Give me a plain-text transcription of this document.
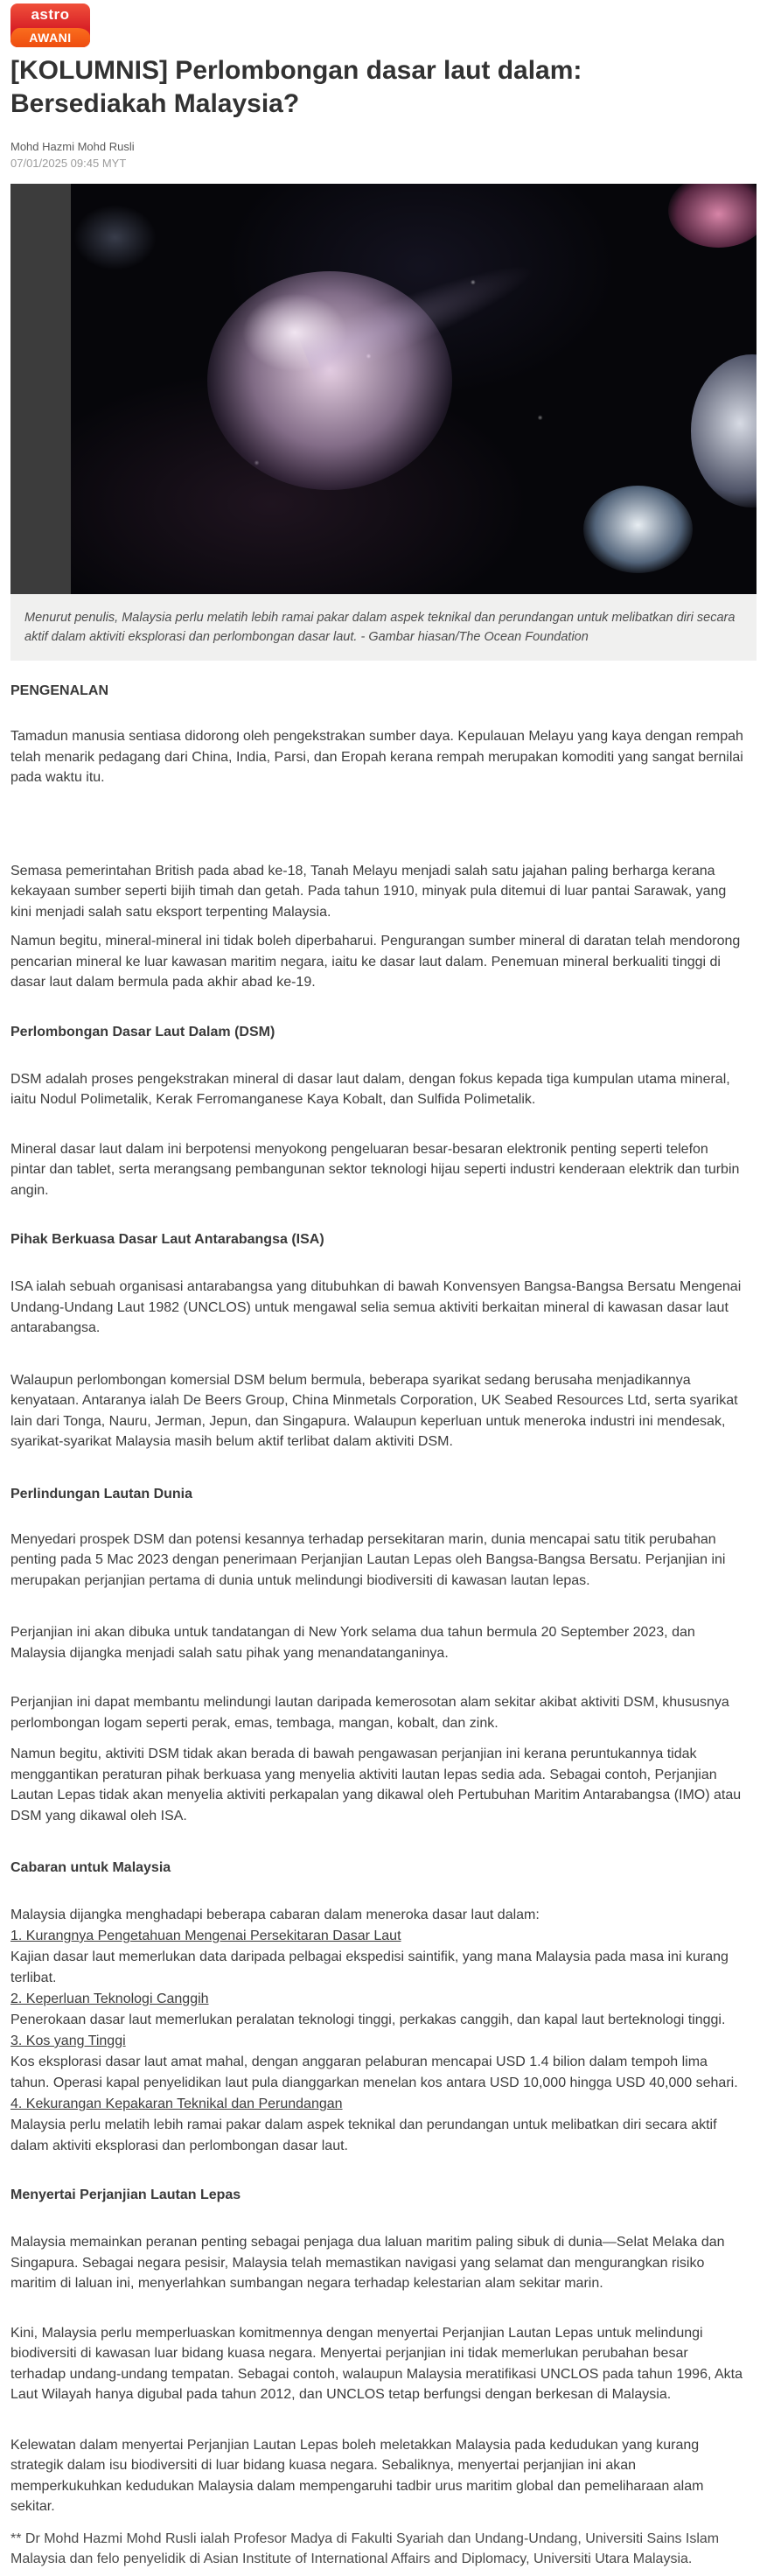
astro
AWANI
[KOLUMNIS] Perlombongan dasar laut dalam: Bersediakah Malaysia?
Mohd Hazmi Mohd Rusli
07/01/2025 09:45 MYT

Menurut penulis, Malaysia perlu melatih lebih ramai pakar dalam aspek teknikal dan perundangan untuk melibatkan diri secara aktif dalam aktiviti eksplorasi dan perlombongan dasar laut. - Gambar hiasan/The Ocean Foundation

PENGENALAN

Tamadun manusia sentiasa didorong oleh pengekstrakan sumber daya. Kepulauan Melayu yang kaya dengan rempah telah menarik pedagang dari China, India, Parsi, dan Eropah kerana rempah merupakan komoditi yang sangat bernilai pada waktu itu.

Semasa pemerintahan British pada abad ke-18, Tanah Melayu menjadi salah satu jajahan paling berharga kerana kekayaan sumber seperti bijih timah dan getah. Pada tahun 1910, minyak pula ditemui di luar pantai Sarawak, yang kini menjadi salah satu eksport terpenting Malaysia.

Namun begitu, mineral-mineral ini tidak boleh diperbaharui. Pengurangan sumber mineral di daratan telah mendorong pencarian mineral ke luar kawasan maritim negara, iaitu ke dasar laut dalam. Penemuan mineral berkualiti tinggi di dasar laut dalam bermula pada akhir abad ke-19.

Perlombongan Dasar Laut Dalam (DSM)

DSM adalah proses pengekstrakan mineral di dasar laut dalam, dengan fokus kepada tiga kumpulan utama mineral, iaitu Nodul Polimetalik, Kerak Ferromanganese Kaya Kobalt, dan Sulfida Polimetalik.

Mineral dasar laut dalam ini berpotensi menyokong pengeluaran besar-besaran elektronik penting seperti telefon pintar dan tablet, serta merangsang pembangunan sektor teknologi hijau seperti industri kenderaan elektrik dan turbin angin.

Pihak Berkuasa Dasar Laut Antarabangsa (ISA)

ISA ialah sebuah organisasi antarabangsa yang ditubuhkan di bawah Konvensyen Bangsa-Bangsa Bersatu Mengenai Undang-Undang Laut 1982 (UNCLOS) untuk mengawal selia semua aktiviti berkaitan mineral di kawasan dasar laut antarabangsa.

Walaupun perlombongan komersial DSM belum bermula, beberapa syarikat sedang berusaha menjadikannya kenyataan. Antaranya ialah De Beers Group, China Minmetals Corporation, UK Seabed Resources Ltd, serta syarikat lain dari Tonga, Nauru, Jerman, Jepun, dan Singapura. Walaupun keperluan untuk meneroka industri ini mendesak, syarikat-syarikat Malaysia masih belum aktif terlibat dalam aktiviti DSM.

Perlindungan Lautan Dunia

Menyedari prospek DSM dan potensi kesannya terhadap persekitaran marin, dunia mencapai satu titik perubahan penting pada 5 Mac 2023 dengan penerimaan Perjanjian Lautan Lepas oleh Bangsa-Bangsa Bersatu. Perjanjian ini merupakan perjanjian pertama di dunia untuk melindungi biodiversiti di kawasan lautan lepas.

Perjanjian ini akan dibuka untuk tandatangan di New York selama dua tahun bermula 20 September 2023, dan Malaysia dijangka menjadi salah satu pihak yang menandatanganinya.

Perjanjian ini dapat membantu melindungi lautan daripada kemerosotan alam sekitar akibat aktiviti DSM, khususnya perlombongan logam seperti perak, emas, tembaga, mangan, kobalt, dan zink.

Namun begitu, aktiviti DSM tidak akan berada di bawah pengawasan perjanjian ini kerana peruntukannya tidak menggantikan peraturan pihak berkuasa yang menyelia aktiviti lautan lepas sedia ada. Sebagai contoh, Perjanjian Lautan Lepas tidak akan menyelia aktiviti perkapalan yang dikawal oleh Pertubuhan Maritim Antarabangsa (IMO) atau DSM yang dikawal oleh ISA.

Cabaran untuk Malaysia

Malaysia dijangka menghadapi beberapa cabaran dalam meneroka dasar laut dalam:

1. Kurangnya Pengetahuan Mengenai Persekitaran Dasar Laut

Kajian dasar laut memerlukan data daripada pelbagai ekspedisi saintifik, yang mana Malaysia pada masa ini kurang terlibat.

2. Keperluan Teknologi Canggih

Penerokaan dasar laut memerlukan peralatan teknologi tinggi, perkakas canggih, dan kapal laut berteknologi tinggi.

3. Kos yang Tinggi

Kos eksplorasi dasar laut amat mahal, dengan anggaran pelaburan mencapai USD 1.4 bilion dalam tempoh lima tahun. Operasi kapal penyelidikan laut pula dianggarkan menelan kos antara USD 10,000 hingga USD 40,000 sehari.

4. Kekurangan Kepakaran Teknikal dan Perundangan

Malaysia perlu melatih lebih ramai pakar dalam aspek teknikal dan perundangan untuk melibatkan diri secara aktif dalam aktiviti eksplorasi dan perlombongan dasar laut.

Menyertai Perjanjian Lautan Lepas

Malaysia memainkan peranan penting sebagai penjaga dua laluan maritim paling sibuk di dunia—Selat Melaka dan Singapura. Sebagai negara pesisir, Malaysia telah memastikan navigasi yang selamat dan mengurangkan risiko maritim di laluan ini, menyerlahkan sumbangan negara terhadap kelestarian alam sekitar marin.

Kini, Malaysia perlu memperluaskan komitmennya dengan menyertai Perjanjian Lautan Lepas untuk melindungi biodiversiti di kawasan luar bidang kuasa negara. Menyertai perjanjian ini tidak memerlukan perubahan besar terhadap undang-undang tempatan. Sebagai contoh, walaupun Malaysia meratifikasi UNCLOS pada tahun 1996, Akta Laut Wilayah hanya digubal pada tahun 2012, dan UNCLOS tetap berfungsi dengan berkesan di Malaysia.

Kelewatan dalam menyertai Perjanjian Lautan Lepas boleh meletakkan Malaysia pada kedudukan yang kurang strategik dalam isu biodiversiti di luar bidang kuasa negara. Sebaliknya, menyertai perjanjian ini akan memperkukuhkan kedudukan Malaysia dalam mempengaruhi tadbir urus maritim global dan pemeliharaan alam sekitar.

** Dr Mohd Hazmi Mohd Rusli ialah Profesor Madya di Fakulti Syariah dan Undang-Undang, Universiti Sains Islam Malaysia dan felo penyelidik di Asian Institute of International Affairs and Diplomacy, Universiti Utara Malaysia.
